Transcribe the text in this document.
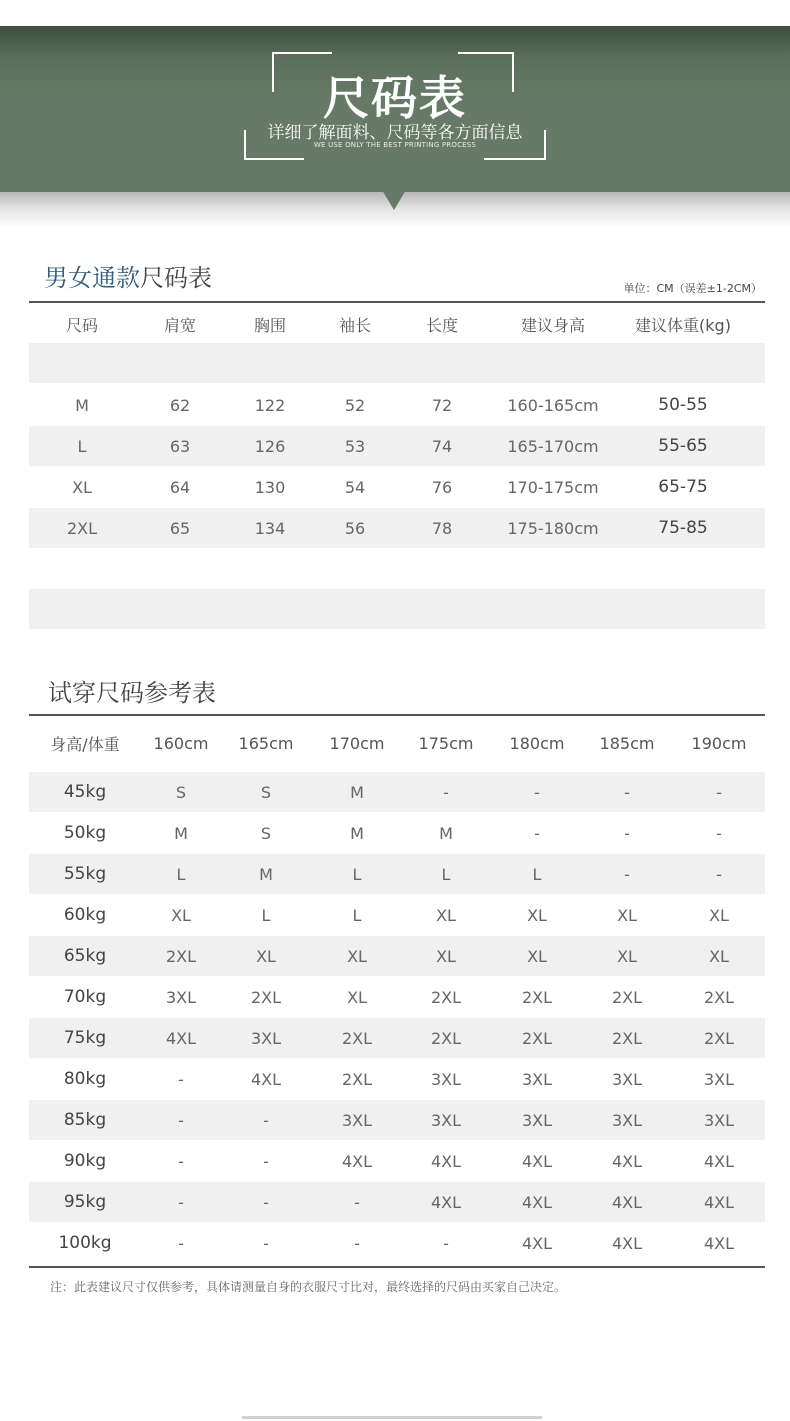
尺码表
详细了解面料、尺码等各方面信息
WE USE ONLY THE BEST PRINTING PROCESS
男女通款尺码表	单位：CM（误差±1-2CM）
尺码	肩宽	胸围	袖长	长度	建议身高	建议体重(kg)
M	62	122	52	72	160-165cm	50-55
L	63	126	53	74	165-170cm	55-65
XL	64	130	54	76	170-175cm	65-75
2XL	65	134	56	78	175-180cm	75-85
试穿尺码参考表
身高/体重	160cm	165cm	170cm	175cm	180cm	185cm	190cm
45kg	S	S	M	-	-	-	-
50kg	M	S	M	M	-	-	-
55kg	L	M	L	L	L	-	-
60kg	XL	L	L	XL	XL	XL	XL
65kg	2XL	XL	XL	XL	XL	XL	XL
70kg	3XL	2XL	XL	2XL	2XL	2XL	2XL
75kg	4XL	3XL	2XL	2XL	2XL	2XL	2XL
80kg	-	4XL	2XL	3XL	3XL	3XL	3XL
85kg	-	-	3XL	3XL	3XL	3XL	3XL
90kg	-	-	4XL	4XL	4XL	4XL	4XL
95kg	-	-	-	4XL	4XL	4XL	4XL
100kg	-	-	-	-	4XL	4XL	4XL
注：此表建议尺寸仅供参考，具体请测量自身的衣服尺寸比对，最终选择的尺码由买家自己决定。
